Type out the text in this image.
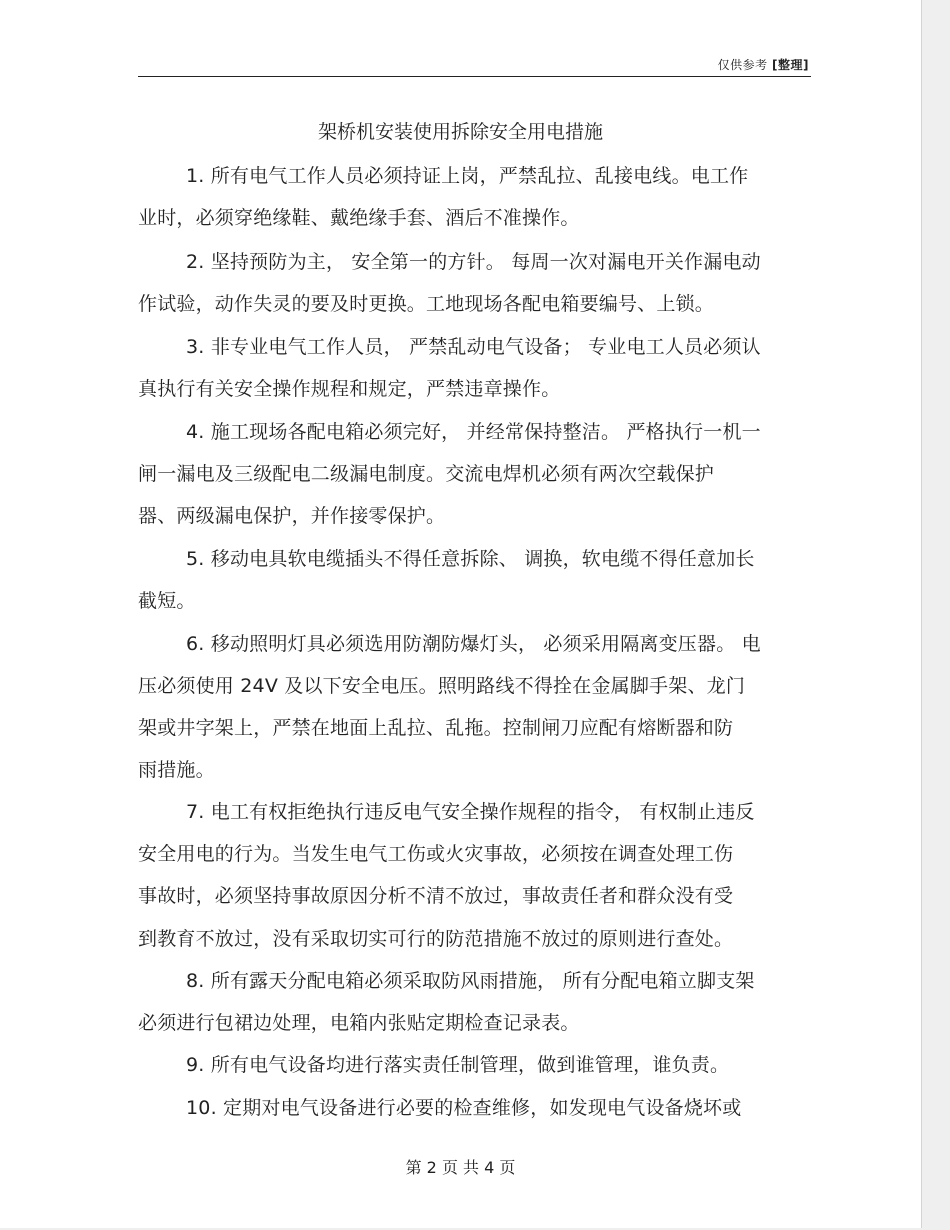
仅供参考 [整理]
架桥机安装使用拆除安全用电措施
1. 所有电气工作人员必须持证上岗，严禁乱拉、乱接电线。电工作
业时，必须穿绝缘鞋、戴绝缘手套、酒后不准操作。
2. 坚持预防为主， 安全第一的方针。 每周一次对漏电开关作漏电动
作试验，动作失灵的要及时更换。工地现场各配电箱要编号、上锁。
3. 非专业电气工作人员， 严禁乱动电气设备； 专业电工人员必须认
真执行有关安全操作规程和规定，严禁违章操作。
4. 施工现场各配电箱必须完好， 并经常保持整洁。 严格执行一机一
闸一漏电及三级配电二级漏电制度。交流电焊机必须有两次空载保护
器、两级漏电保护，并作接零保护。
5. 移动电具软电缆插头不得任意拆除、 调换，软电缆不得任意加长
截短。
6. 移动照明灯具必须选用防潮防爆灯头， 必须采用隔离变压器。 电
压必须使用 24V 及以下安全电压。照明路线不得拴在金属脚手架、龙门
架或井字架上，严禁在地面上乱拉、乱拖。控制闸刀应配有熔断器和防
雨措施。
7. 电工有权拒绝执行违反电气安全操作规程的指令， 有权制止违反
安全用电的行为。当发生电气工伤或火灾事故，必须按在调查处理工伤
事故时，必须坚持事故原因分析不清不放过，事故责任者和群众没有受
到教育不放过，没有采取切实可行的防范措施不放过的原则进行查处。
8. 所有露天分配电箱必须采取防风雨措施， 所有分配电箱立脚支架
必须进行包裙边处理，电箱内张贴定期检查记录表。
9. 所有电气设备均进行落实责任制管理，做到谁管理，谁负责。
10. 定期对电气设备进行必要的检查维修，如发现电气设备烧坏或
第 2 页 共 4 页
